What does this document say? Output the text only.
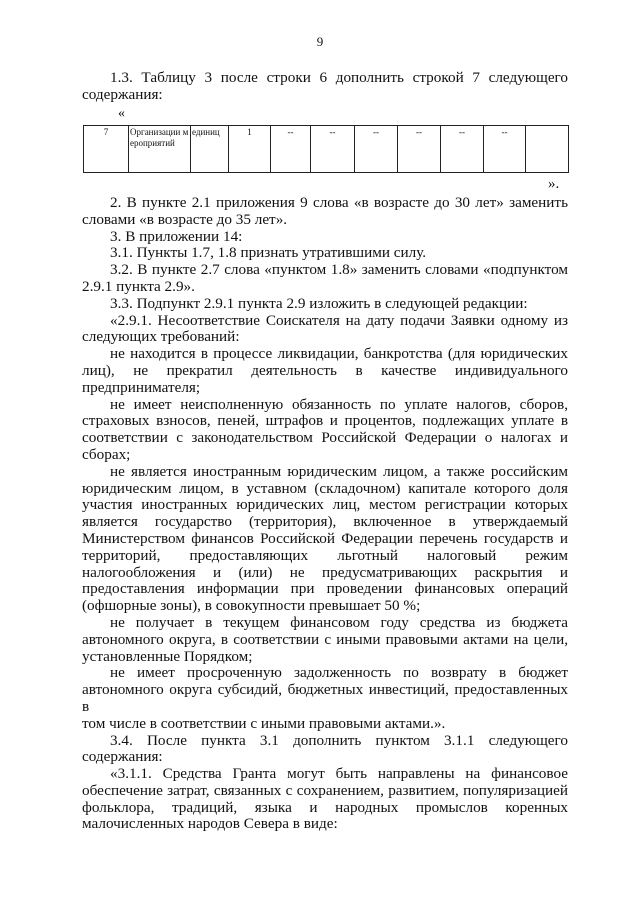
9
1.3. Таблицу 3 после строки 6 дополнить строкой 7 следующего
содержания:
«
7	Организации мероприятий	единиц	1	--	--	--	--	--	--	
».
2. В пункте 2.1 приложения 9 слова «в возрасте до 30 лет» заменить
словами «в возрасте до 35 лет».
3. В приложении 14:
3.1. Пункты 1.7, 1.8 признать утратившими силу.
3.2. В пункте 2.7 слова «пунктом 1.8» заменить словами «подпунктом
2.9.1 пункта 2.9».
3.3. Подпункт 2.9.1 пункта 2.9 изложить в следующей редакции:
«2.9.1. Несоответствие Соискателя на дату подачи Заявки одному из
следующих требований:
не находится в процессе ликвидации, банкротства (для юридических
лиц), не прекратил деятельность в качестве индивидуального
предпринимателя;
не имеет неисполненную обязанность по уплате налогов, сборов,
страховых взносов, пеней, штрафов и процентов, подлежащих уплате в
соответствии с законодательством Российской Федерации о налогах и
сборах;
не является иностранным юридическим лицом, а также российским
юридическим лицом, в уставном (складочном) капитале которого доля
участия иностранных юридических лиц, местом регистрации которых
является государство (территория), включенное в утверждаемый
Министерством финансов Российской Федерации перечень государств и
территорий, предоставляющих льготный налоговый режим
налогообложения и (или) не предусматривающих раскрытия и
предоставления информации при проведении финансовых операций
(офшорные зоны), в совокупности превышает 50 %;
не получает в текущем финансовом году средства из бюджета
автономного округа, в соответствии с иными правовыми актами на цели,
установленные Порядком;
не имеет просроченную задолженность по возврату в бюджет
автономного округа субсидий, бюджетных инвестиций, предоставленных в
том числе в соответствии с иными правовыми актами.».
3.4. После пункта 3.1 дополнить пунктом 3.1.1 следующего
содержания:
«3.1.1. Средства Гранта могут быть направлены на финансовое
обеспечение затрат, связанных с сохранением, развитием, популяризацией
фольклора, традиций, языка и народных промыслов коренных
малочисленных народов Севера в виде:
